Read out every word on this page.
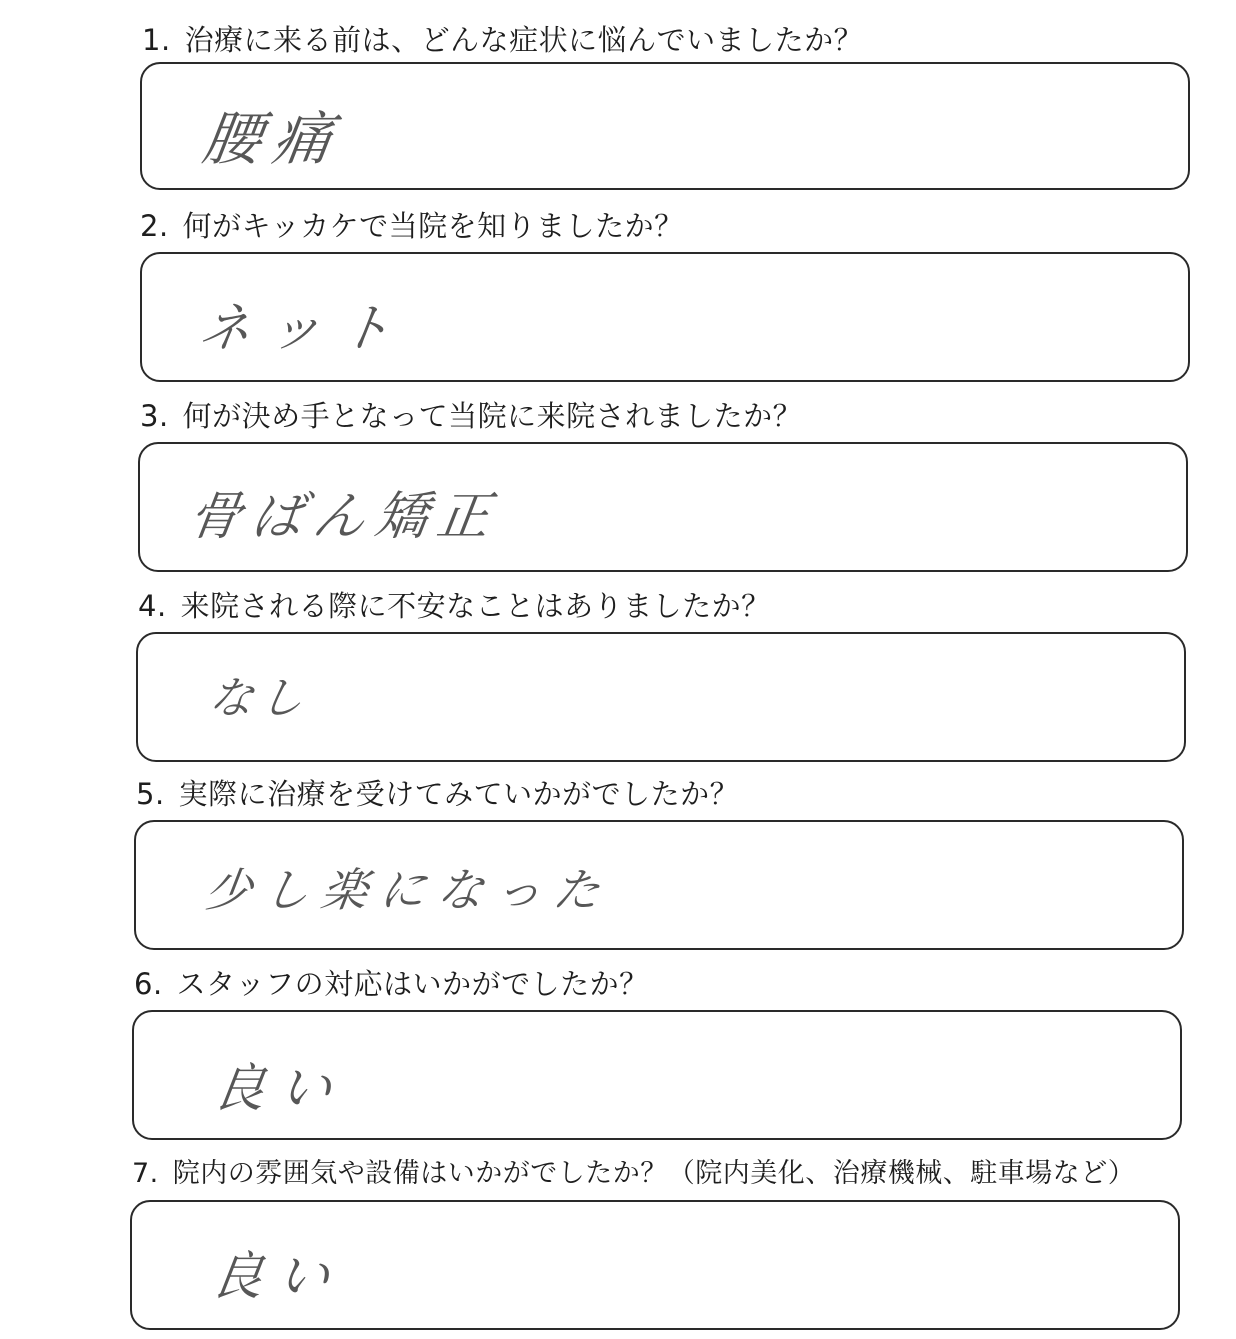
1. 治療に来る前は、どんな症状に悩んでいましたか？
腰痛
2. 何がキッカケで当院を知りましたか？
ネット
3. 何が決め手となって当院に来院されましたか？
骨ばん矯正
4. 来院される際に不安なことはありましたか？
なし
5. 実際に治療を受けてみていかがでしたか？
少し楽になった
6. スタッフの対応はいかがでしたか？
良い
7. 院内の雰囲気や設備はいかがでしたか？（院内美化、治療機械、駐車場など）
良い
